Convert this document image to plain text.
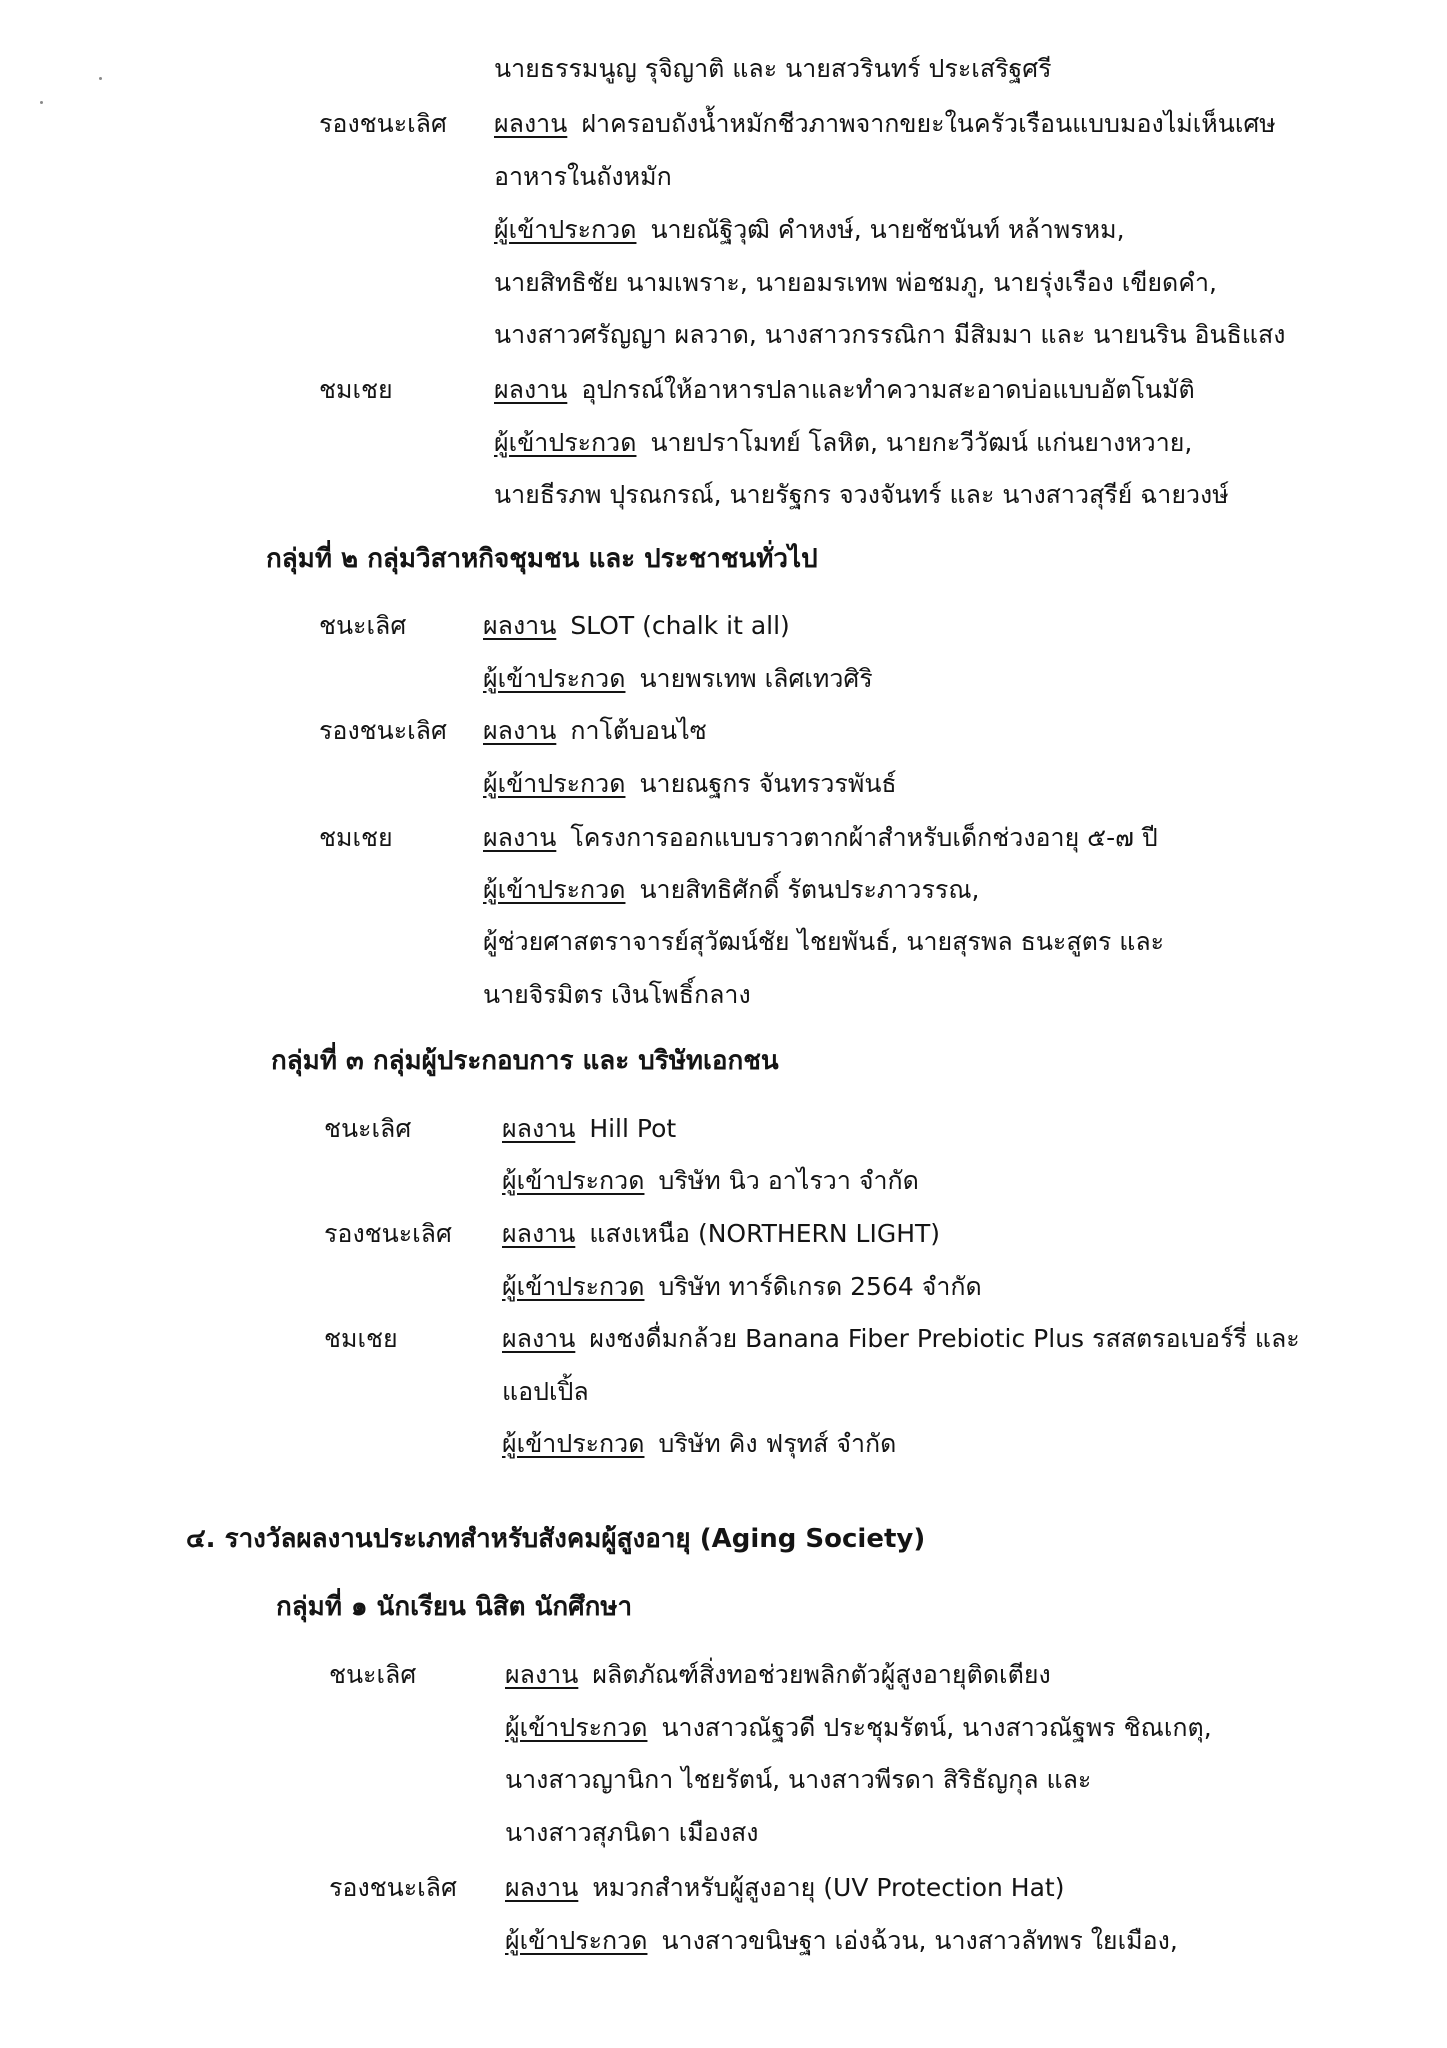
นายธรรมนูญ รุจิญาติ และ นายสวรินทร์ ประเสริฐศรี
รองชนะเลิศ ผลงาน ฝาครอบถังน้ำหมักชีวภาพจากขยะในครัวเรือนแบบมองไม่เห็นเศษ
อาหารในถังหมัก
ผู้เข้าประกวด นายณัฐิวุฒิ คำหงษ์, นายชัชนันท์ หล้าพรหม,
นายสิทธิชัย นามเพราะ, นายอมรเทพ พ่อชมภู, นายรุ่งเรือง เขียดคำ,
นางสาวศรัญญา ผลวาด, นางสาวกรรณิกา มีสิมมา และ นายนริน อินธิแสง
ชมเชย	ผลงาน อุปกรณ์ให้อาหารปลาและทำความสะอาดบ่อแบบอัตโนมัติ
ผู้เข้าประกวด นายปราโมทย์ โลหิต, นายกะวีวัฒน์ แก่นยางหวาย,
นายธีรภพ ปุรณกรณ์, นายรัฐกร จวงจันทร์ และ นางสาวสุรีย์ ฉายวงษ์
กลุ่มที่ ๒ กลุ่มวิสาหกิจชุมชน และ ประชาชนทั่วไป
ชนะเลิศ	ผลงาน SLOT (chalk it all)
ผู้เข้าประกวด นายพรเทพ เลิศเทวศิริ
รองชนะเลิศ ผลงาน กาโต้บอนไซ
ผู้เข้าประกวด นายณฐกร จันทรวรพันธ์
ชมเชย	ผลงาน โครงการออกแบบราวตากผ้าสำหรับเด็กช่วงอายุ ๕-๗ ปี
ผู้เข้าประกวด นายสิทธิศักดิ์ รัตนประภาวรรณ,
ผู้ช่วยศาสตราจารย์สุวัฒน์ชัย ไชยพันธ์, นายสุรพล ธนะสูตร และ
นายจิรมิตร เงินโพธิ์กลาง
กลุ่มที่ ๓ กลุ่มผู้ประกอบการ และ บริษัทเอกชน
ชนะเลิศ	ผลงาน Hill Pot
ผู้เข้าประกวด บริษัท นิว อาไรวา จำกัด
รองชนะเลิศ ผลงาน แสงเหนือ (NORTHERN LIGHT)
ผู้เข้าประกวด บริษัท ทาร์ดิเกรด 2564 จำกัด
ชมเชย	ผลงาน ผงชงดื่มกล้วย Banana Fiber Prebiotic Plus รสสตรอเบอร์รี่ และ
แอปเปิ้ล
ผู้เข้าประกวด บริษัท คิง ฟรุทส์ จำกัด
๔. รางวัลผลงานประเภทสำหรับสังคมผู้สูงอายุ (Aging Society)
กลุ่มที่ ๑ นักเรียน นิสิต นักศึกษา
ชนะเลิศ	ผลงาน ผลิตภัณฑ์สิ่งทอช่วยพลิกตัวผู้สูงอายุติดเตียง
ผู้เข้าประกวด นางสาวณัฐวดี ประชุมรัตน์, นางสาวณัฐพร ชิณเกตุ,
นางสาวญานิกา ไชยรัตน์, นางสาวพีรดา สิริธัญกุล และ
นางสาวสุภนิดา เมืองสง
รองชนะเลิศ ผลงาน หมวกสำหรับผู้สูงอายุ (UV Protection Hat)
ผู้เข้าประกวด นางสาวขนิษฐา เอ่งฉ้วน, นางสาวลัทพร ใยเมือง,
